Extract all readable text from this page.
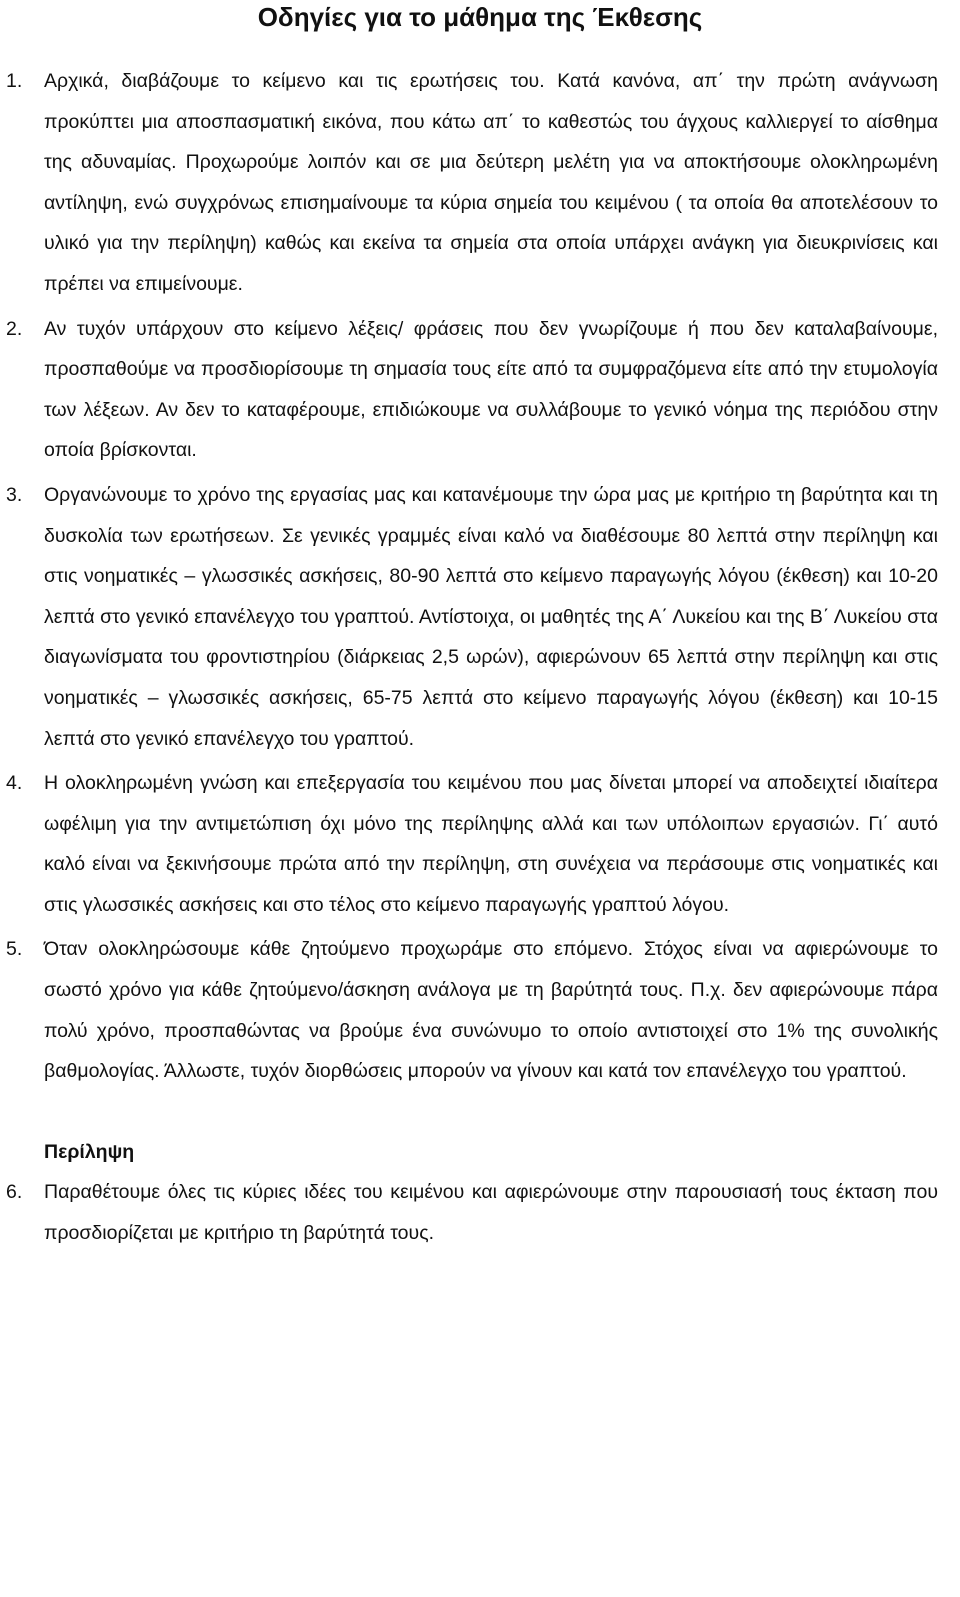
Οδηγίες για το μάθημα της Έκθεσης
1.	Αρχικά, διαβάζουμε το κείμενο και τις ερωτήσεις του. Κατά κανόνα, απ΄ την πρώτη ανάγνωση προκύπτει μια αποσπασματική εικόνα, που κάτω απ΄ το καθεστώς του άγχους καλλιεργεί το αίσθημα της αδυναμίας. Προχωρούμε λοιπόν και σε μια δεύτερη μελέτη για να αποκτήσουμε ολοκληρωμένη αντίληψη, ενώ συγχρόνως επισημαίνουμε τα κύρια σημεία του κειμένου ( τα οποία θα αποτελέσουν το υλικό για την περίληψη) καθώς και εκείνα τα σημεία στα οποία υπάρχει ανάγκη για διευκρινίσεις και πρέπει να επιμείνουμε.

2.	Αν τυχόν υπάρχουν στο κείμενο λέξεις/ φράσεις που δεν γνωρίζουμε ή που δεν καταλαβαίνουμε, προσπαθούμε να προσδιορίσουμε τη σημασία τους είτε από τα συμφραζόμενα είτε από την ετυμολογία των λέξεων. Αν δεν το καταφέρουμε, επιδιώκουμε να συλλάβουμε το γενικό νόημα της περιόδου στην οποία βρίσκονται.

3.	Οργανώνουμε το χρόνο της εργασίας μας και κατανέμουμε την ώρα μας με κριτήριο τη βαρύτητα και τη δυσκολία των ερωτήσεων. Σε γενικές γραμμές είναι καλό να διαθέσουμε 80 λεπτά στην περίληψη και στις νοηματικές – γλωσσικές ασκήσεις, 80-90 λεπτά στο κείμενο παραγωγής λόγου (έκθεση) και 10-20 λεπτά στο γενικό επανέλεγχο του γραπτού. Αντίστοιχα, οι μαθητές της Α΄ Λυκείου και της Β΄ Λυκείου στα διαγωνίσματα του φροντιστηρίου (διάρκειας 2,5 ωρών), αφιερώνουν 65 λεπτά στην περίληψη και στις νοηματικές – γλωσσικές ασκήσεις, 65-75 λεπτά στο κείμενο παραγωγής λόγου (έκθεση) και 10-15 λεπτά στο γενικό επανέλεγχο του γραπτού.

4.	Η ολοκληρωμένη γνώση και επεξεργασία του κειμένου που μας δίνεται μπορεί να αποδειχτεί ιδιαίτερα ωφέλιμη για την αντιμετώπιση όχι μόνο της περίληψης αλλά και των υπόλοιπων εργασιών. Γι΄ αυτό καλό είναι να ξεκινήσουμε πρώτα από την περίληψη, στη συνέχεια να περάσουμε στις νοηματικές και στις γλωσσικές ασκήσεις και στο τέλος στο κείμενο παραγωγής γραπτού λόγου.

5.	Όταν ολοκληρώσουμε κάθε ζητούμενο προχωράμε στο επόμενο. Στόχος είναι να αφιερώνουμε το σωστό χρόνο για κάθε ζητούμενο/άσκηση ανάλογα με τη βαρύτητά τους. Π.χ. δεν αφιερώνουμε πάρα πολύ χρόνο, προσπαθώντας να βρούμε ένα συνώνυμο το οποίο αντιστοιχεί στο 1% της συνολικής βαθμολογίας. Άλλωστε, τυχόν διορθώσεις μπορούν να γίνουν και κατά τον επανέλεγχο του γραπτού.

Περίληψη
6.	Παραθέτουμε όλες τις κύριες ιδέες του κειμένου και αφιερώνουμε στην παρουσιασή τους έκταση που προσδιορίζεται με κριτήριο τη βαρύτητά τους.
